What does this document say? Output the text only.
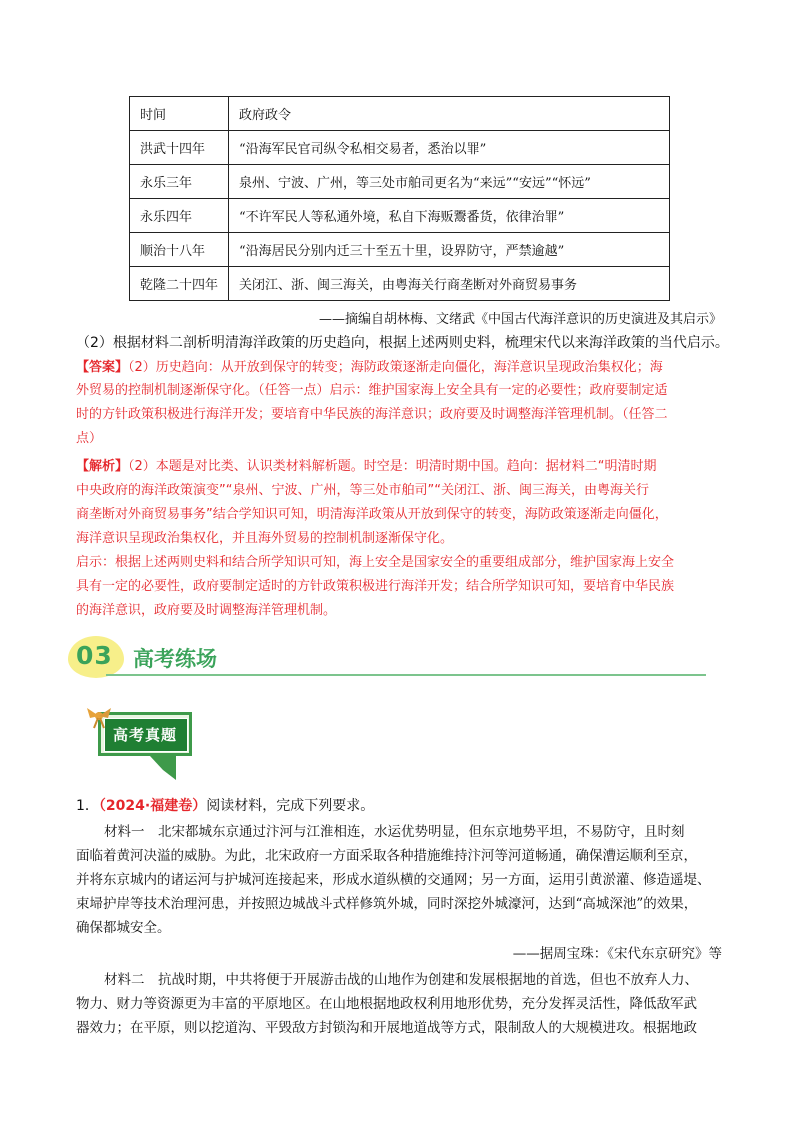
时间	政府政令
洪武十四年	“沿海军民官司纵令私相交易者，悉治以罪”
永乐三年	泉州、宁波、广州，等三处市舶司更名为“来远”“安远”“怀远”
永乐四年	“不许军民人等私通外境，私自下海贩鬻番货，依律治罪”
顺治十八年	“沿海居民分别内迁三十至五十里，设界防守，严禁逾越”
乾隆二十四年	关闭江、浙、闽三海关，由粤海关行商垄断对外商贸易事务
——摘编自胡林梅、文绪武《中国古代海洋意识的历史演进及其启示》
（2）根据材料二剖析明清海洋政策的历史趋向，根据上述两则史料，梳理宋代以来海洋政策的当代启示。
【答案】（2）历史趋向：从开放到保守的转变；海防政策逐渐走向僵化，海洋意识呈现政治集权化；海
外贸易的控制机制逐渐保守化。（任答一点）启示：维护国家海上安全具有一定的必要性；政府要制定适
时的方针政策积极进行海洋开发；要培育中华民族的海洋意识；政府要及时调整海洋管理机制。（任答二
点）
【解析】（2）本题是对比类、认识类材料解析题。时空是：明清时期中国。趋向：据材料二“明清时期
中央政府的海洋政策演变”“泉州、宁波、广州，等三处市舶司”“关闭江、浙、闽三海关，由粤海关行
商垄断对外商贸易事务”结合学知识可知，明清海洋政策从开放到保守的转变，海防政策逐渐走向僵化，
海洋意识呈现政治集权化，并且海外贸易的控制机制逐渐保守化。
启示：根据上述两则史料和结合所学知识可知，海上安全是国家安全的重要组成部分，维护国家海上安全
具有一定的必要性，政府要制定适时的方针政策积极进行海洋开发；结合所学知识可知，要培育中华民族
的海洋意识，政府要及时调整海洋管理机制。
03 高考练场
高考真题
1．（2024·福建卷）阅读材料，完成下列要求。
材料一　北宋都城东京通过汴河与江淮相连，水运优势明显，但东京地势平坦，不易防守，且时刻
面临着黄河决溢的威胁。为此，北宋政府一方面采取各种措施维持汴河等河道畅通，确保漕运顺利至京，
并将东京城内的诸运河与护城河连接起来，形成水道纵横的交通网；另一方面，运用引黄淤灌、修造遥堤、
束埽护岸等技术治理河患，并按照边城战斗式样修筑外城，同时深挖外城濠河，达到“高城深池”的效果，
确保都城安全。
——据周宝珠：《宋代东京研究》等
材料二　抗战时期，中共将便于开展游击战的山地作为创建和发展根据地的首选，但也不放弃人力、
物力、财力等资源更为丰富的平原地区。在山地根据地政权利用地形优势，充分发挥灵活性，降低敌军武
器效力；在平原，则以挖道沟、平毁敌方封锁沟和开展地道战等方式，限制敌人的大规模进攻。根据地政
